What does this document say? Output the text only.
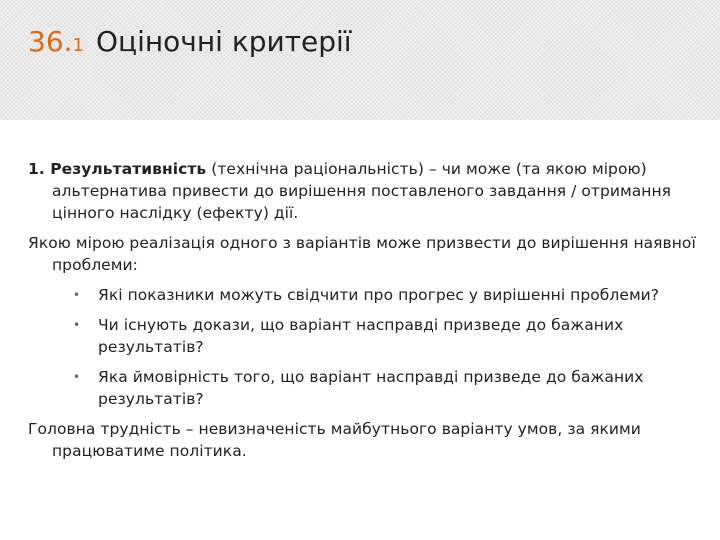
36.1 Оціночні критерії

1. Результативність (технічна раціональність) – чи може (та якою мірою) альтернатива привести до вирішення поставленого завдання / отримання цінного наслідку (ефекту) дії.

Якою мірою реалізація одного з варіантів може призвести до вирішення наявної проблеми:

• Які показники можуть свідчити про прогрес у вирішенні проблеми?
• Чи існують докази, що варіант насправді призведе до бажаних результатів?
• Яка ймовірність того, що варіант насправді призведе до бажаних результатів?

Головна трудність – невизначеність майбутнього варіанту умов, за якими працюватиме політика.
